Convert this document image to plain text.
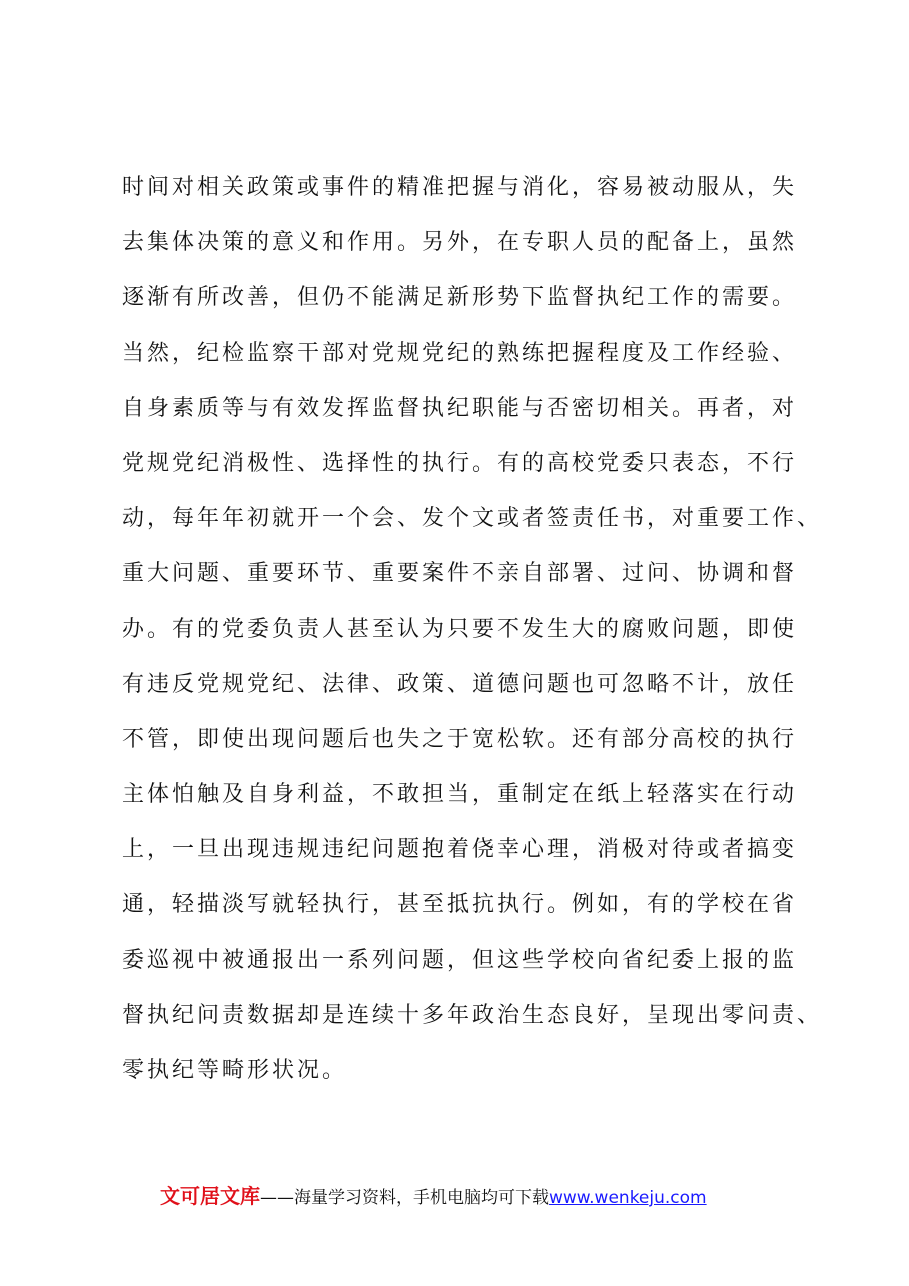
时间对相关政策或事件的精准把握与消化，容易被动服从，失
去集体决策的意义和作用。另外，在专职人员的配备上，虽然
逐渐有所改善，但仍不能满足新形势下监督执纪工作的需要。
当然，纪检监察干部对党规党纪的熟练把握程度及工作经验、
自身素质等与有效发挥监督执纪职能与否密切相关。再者，对
党规党纪消极性、选择性的执行。有的高校党委只表态，不行
动，每年年初就开一个会、发个文或者签责任书，对重要工作、
重大问题、重要环节、重要案件不亲自部署、过问、协调和督
办。有的党委负责人甚至认为只要不发生大的腐败问题，即使
有违反党规党纪、法律、政策、道德问题也可忽略不计，放任
不管，即使出现问题后也失之于宽松软。还有部分高校的执行
主体怕触及自身利益，不敢担当，重制定在纸上轻落实在行动
上，一旦出现违规违纪问题抱着侥幸心理，消极对待或者搞变
通，轻描淡写就轻执行，甚至抵抗执行。例如，有的学校在省
委巡视中被通报出一系列问题，但这些学校向省纪委上报的监
督执纪问责数据却是连续十多年政治生态良好，呈现出零问责、
零执纪等畸形状况。
文可居文库——海量学习资料，手机电脑均可下载www.wenkeju.com
